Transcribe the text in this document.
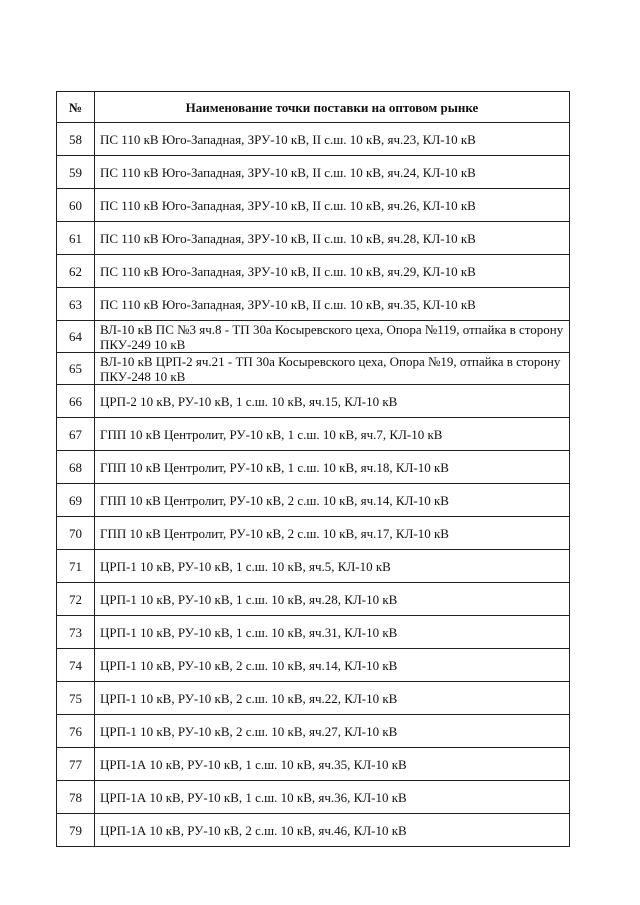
№	Наименование точки поставки на оптовом рынке
58	ПС 110 кВ Юго-Западная, ЗРУ-10 кВ, II с.ш. 10 кВ, яч.23, КЛ-10 кВ
59	ПС 110 кВ Юго-Западная, ЗРУ-10 кВ, II с.ш. 10 кВ, яч.24, КЛ-10 кВ
60	ПС 110 кВ Юго-Западная, ЗРУ-10 кВ, II с.ш. 10 кВ, яч.26, КЛ-10 кВ
61	ПС 110 кВ Юго-Западная, ЗРУ-10 кВ, II с.ш. 10 кВ, яч.28, КЛ-10 кВ
62	ПС 110 кВ Юго-Западная, ЗРУ-10 кВ, II с.ш. 10 кВ, яч.29, КЛ-10 кВ
63	ПС 110 кВ Юго-Западная, ЗРУ-10 кВ, II с.ш. 10 кВ, яч.35, КЛ-10 кВ
64	ВЛ-10 кВ ПС №3 яч.8 - ТП 30а Косыревского цеха, Опора №119, отпайка в сторону ПКУ-249 10 кВ
65	ВЛ-10 кВ ЦРП-2 яч.21 - ТП 30а Косыревского цеха, Опора №19, отпайка в сторону ПКУ-248 10 кВ
66	ЦРП-2 10 кВ, РУ-10 кВ, 1 с.ш. 10 кВ, яч.15, КЛ-10 кВ
67	ГПП 10 кВ Центролит, РУ-10 кВ, 1 с.ш. 10 кВ, яч.7, КЛ-10 кВ
68	ГПП 10 кВ Центролит, РУ-10 кВ, 1 с.ш. 10 кВ, яч.18, КЛ-10 кВ
69	ГПП 10 кВ Центролит, РУ-10 кВ, 2 с.ш. 10 кВ, яч.14, КЛ-10 кВ
70	ГПП 10 кВ Центролит, РУ-10 кВ, 2 с.ш. 10 кВ, яч.17, КЛ-10 кВ
71	ЦРП-1 10 кВ, РУ-10 кВ, 1 с.ш. 10 кВ, яч.5, КЛ-10 кВ
72	ЦРП-1 10 кВ, РУ-10 кВ, 1 с.ш. 10 кВ, яч.28, КЛ-10 кВ
73	ЦРП-1 10 кВ, РУ-10 кВ, 1 с.ш. 10 кВ, яч.31, КЛ-10 кВ
74	ЦРП-1 10 кВ, РУ-10 кВ, 2 с.ш. 10 кВ, яч.14, КЛ-10 кВ
75	ЦРП-1 10 кВ, РУ-10 кВ, 2 с.ш. 10 кВ, яч.22, КЛ-10 кВ
76	ЦРП-1 10 кВ, РУ-10 кВ, 2 с.ш. 10 кВ, яч.27, КЛ-10 кВ
77	ЦРП-1А 10 кВ, РУ-10 кВ, 1 с.ш. 10 кВ, яч.35, КЛ-10 кВ
78	ЦРП-1А 10 кВ, РУ-10 кВ, 1 с.ш. 10 кВ, яч.36, КЛ-10 кВ
79	ЦРП-1А 10 кВ, РУ-10 кВ, 2 с.ш. 10 кВ, яч.46, КЛ-10 кВ
